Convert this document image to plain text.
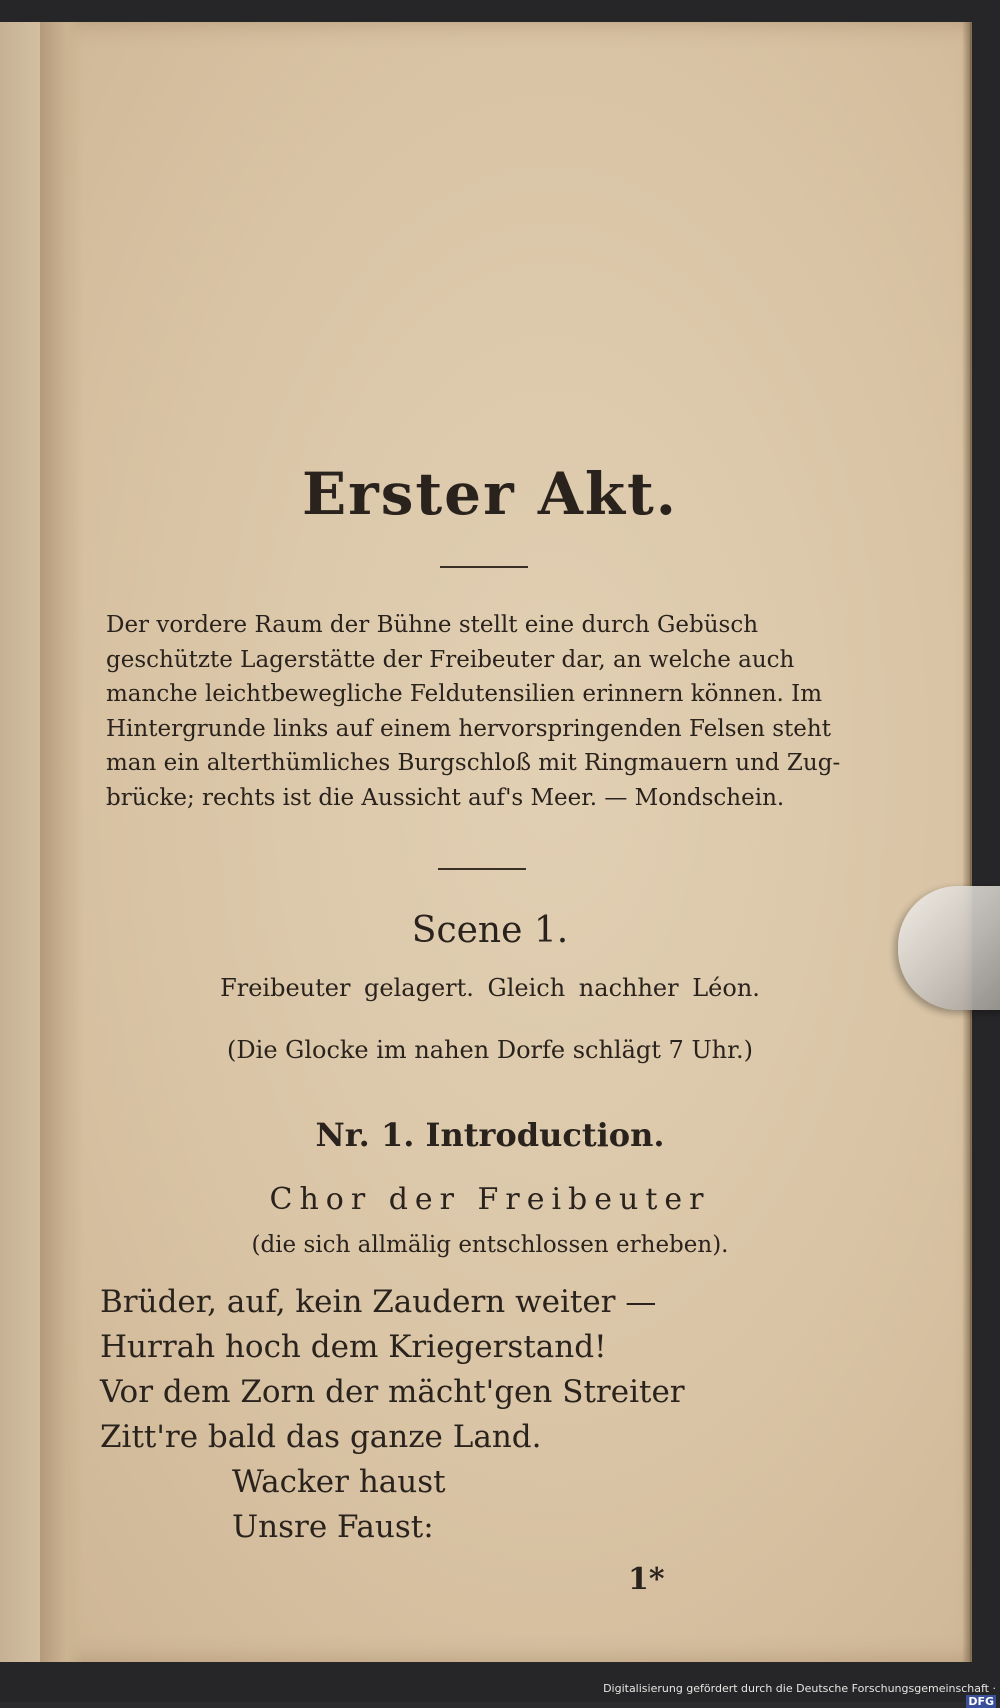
Erster Akt.
Der vordere Raum der Bühne stellt eine durch Gebüsch
geschützte Lagerstätte der Freibeuter dar, an welche auch
manche leichtbewegliche Feldutensilien erinnern können. Im
Hintergrunde links auf einem hervorspringenden Felsen steht
man ein alterthümliches Burgschloß mit Ringmauern und Zug-
brücke; rechts ist die Aussicht auf's Meer. — Mondschein.
Scene 1.
Freibeuter gelagert. Gleich nachher Léon.
(Die Glocke im nahen Dorfe schlägt 7 Uhr.)
Nr. 1. Introduction.
Chor der Freibeuter
(die sich allmälig entschlossen erheben).
Brüder, auf, kein Zaudern weiter —
Hurrah hoch dem Kriegerstand!
Vor dem Zorn der mächt'gen Streiter
Zitt're bald das ganze Land.
Wacker haust
Unsre Faust:
1*
Digitalisierung gefördert durch die Deutsche Forschungsgemeinschaft · DFG
